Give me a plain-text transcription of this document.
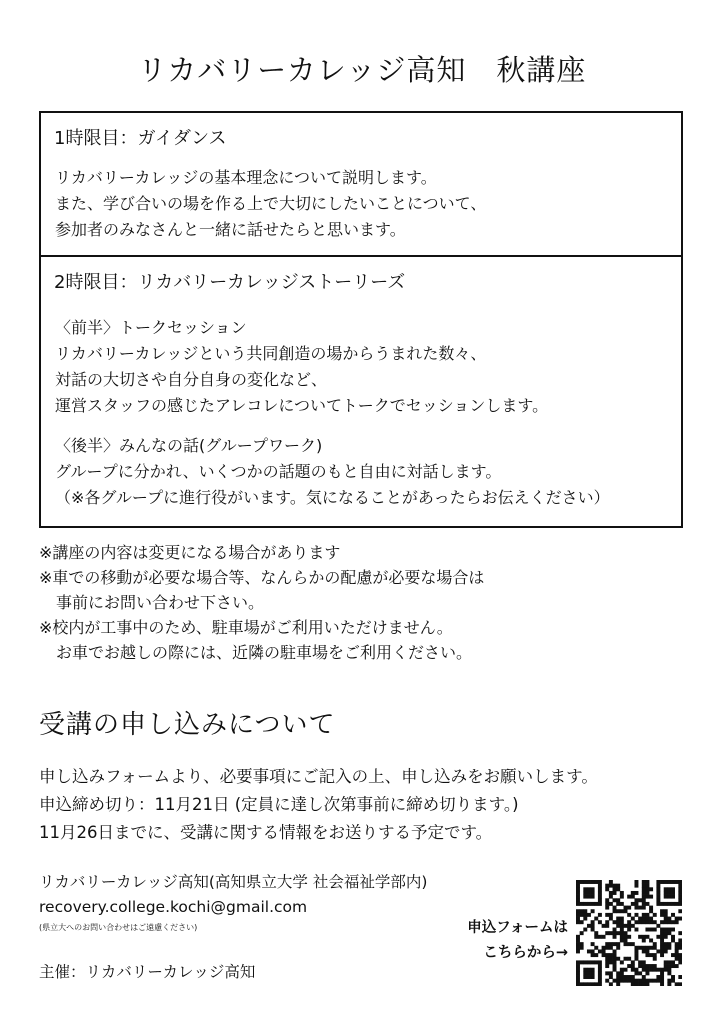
リカバリーカレッジ高知　秋講座
1時限目：ガイダンス
リカバリーカレッジの基本理念について説明します。
また、学び合いの場を作る上で大切にしたいことについて、
参加者のみなさんと一緒に話せたらと思います。
2時限目：リカバリーカレッジストーリーズ
〈前半〉トークセッション
リカバリーカレッジという共同創造の場からうまれた数々、
対話の大切さや自分自身の変化など、
運営スタッフの感じたアレコレについてトークでセッションします。
〈後半〉みんなの話(グループワーク)
グループに分かれ、いくつかの話題のもと自由に対話します。
（※各グループに進行役がいます。気になることがあったらお伝えください）
※講座の内容は変更になる場合があります
※車での移動が必要な場合等、なんらかの配慮が必要な場合は
事前にお問い合わせ下さい。
※校内が工事中のため、駐車場がご利用いただけません。
お車でお越しの際には、近隣の駐車場をご利用ください。
受講の申し込みについて
申し込みフォームより、必要事項にご記入の上、申し込みをお願いします。
申込締め切り：11月21日 (定員に達し次第事前に締め切ります。)
11月26日までに、受講に関する情報をお送りする予定です。
リカバリーカレッジ高知(高知県立大学 社会福祉学部内)
recovery.college.kochi@gmail.com
(県立大へのお問い合わせはご遠慮ください)
主催：リカバリーカレッジ高知
申込フォームは
こちらから→
